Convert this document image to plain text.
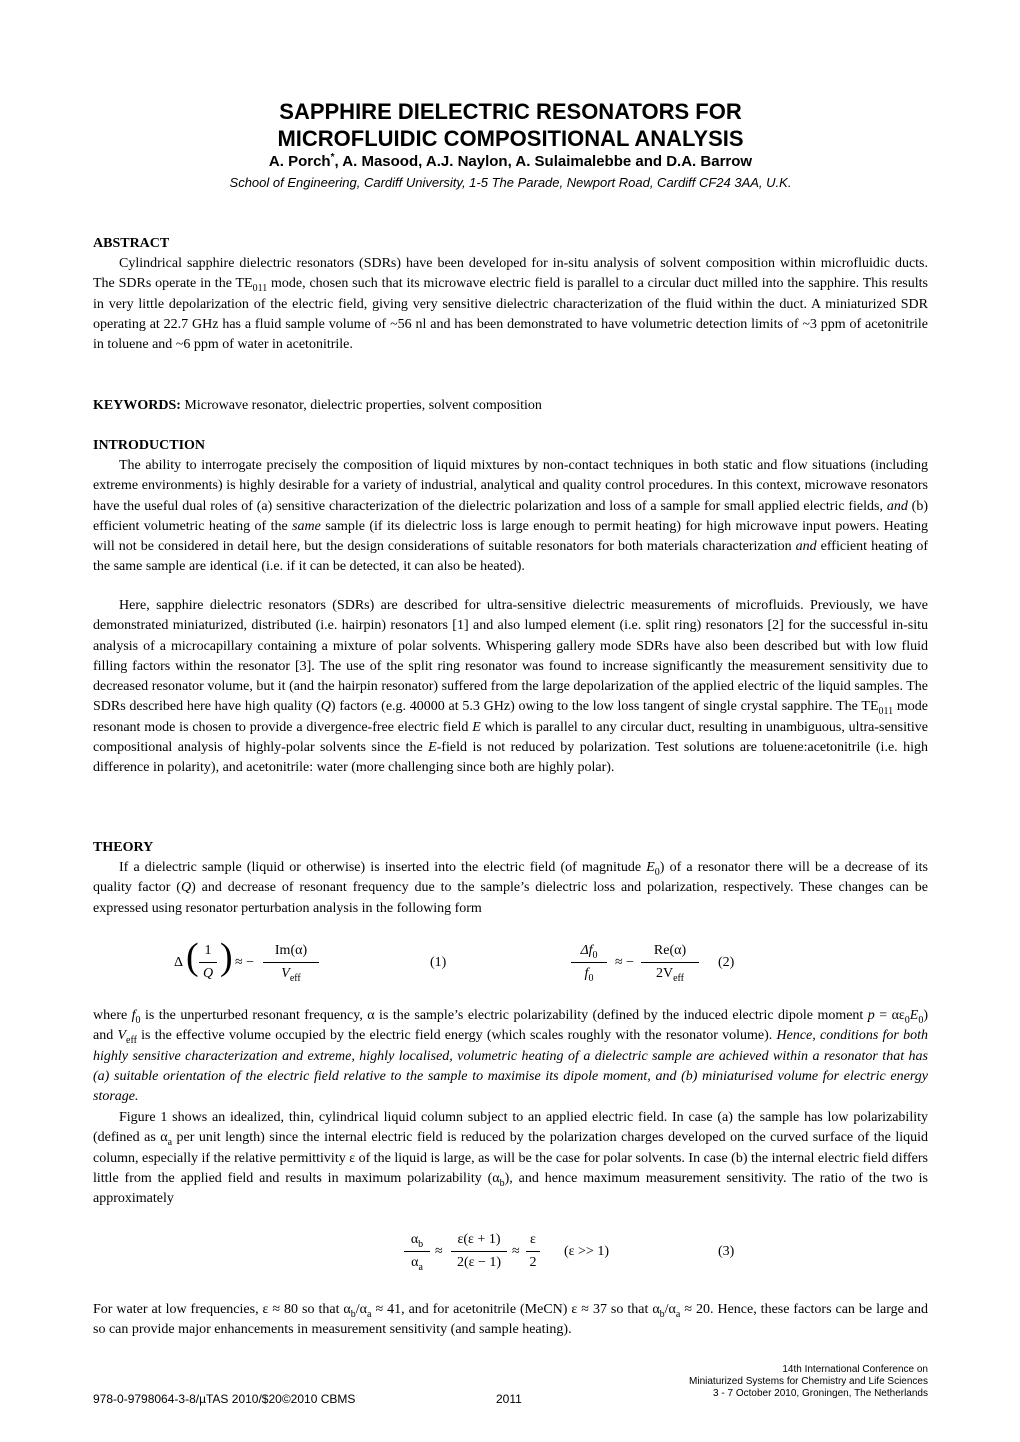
SAPPHIRE DIELECTRIC RESONATORS FOR
MICROFLUIDIC COMPOSITIONAL ANALYSIS
A. Porch*, A. Masood, A.J. Naylon, A. Sulaimalebbe and D.A. Barrow
School of Engineering, Cardiff University, 1-5 The Parade, Newport Road, Cardiff CF24 3AA, U.K.
ABSTRACT
Cylindrical sapphire dielectric resonators (SDRs) have been developed for in-situ analysis of solvent composition within microfluidic ducts. The SDRs operate in the $TE_{011}$ mode, chosen such that its microwave electric field is parallel to a circular duct milled into the sapphire. This results in very little depolarization of the electric field, giving very sensitive dielectric characterization of the fluid within the duct. A miniaturized SDR operating at 22.7 GHz has a fluid sample volume of ~56 nl and has been demonstrated to have volumetric detection limits of ~3 ppm of acetonitrile in toluene and ~6 ppm of water in acetonitrile.
KEYWORDS: Microwave resonator, dielectric properties, solvent composition
INTRODUCTION
The ability to interrogate precisely the composition of liquid mixtures by non-contact techniques in both static and flow situations (including extreme environments) is highly desirable for a variety of industrial, analytical and quality control procedures. In this context, microwave resonators have the useful dual roles of (a) sensitive characterization of the dielectric polarization and loss of a sample for small applied electric fields, and (b) efficient volumetric heating of the same sample (if its dielectric loss is large enough to permit heating) for high microwave input powers. Heating will not be considered in detail here, but the design considerations of suitable resonators for both materials characterization and efficient heating of the same sample are identical (i.e. if it can be detected, it can also be heated).
Here, sapphire dielectric resonators (SDRs) are described for ultra-sensitive dielectric measurements of microfluids. Previously, we have demonstrated miniaturized, distributed (i.e. hairpin) resonators [1] and also lumped element (i.e. split ring) resonators [2] for the successful in-situ analysis of a microcapillary containing a mixture of polar solvents. Whispering gallery mode SDRs have also been described but with low fluid filling factors within the resonator [3]. The use of the split ring resonator was found to increase significantly the measurement sensitivity due to decreased resonator volume, but it (and the hairpin resonator) suffered from the large depolarization of the applied electric of the liquid samples. The SDRs described here have high quality (Q) factors (e.g. 40000 at 5.3 GHz) owing to the low loss tangent of single crystal sapphire. The $TE_{011}$ mode resonant mode is chosen to provide a divergence-free electric field E which is parallel to any circular duct, resulting in unambiguous, ultra-sensitive compositional analysis of highly-polar solvents since the E-field is not reduced by polarization. Test solutions are toluene:acetonitrile (i.e. high difference in polarity), and acetonitrile: water (more challenging since both are highly polar).
THEORY
If a dielectric sample (liquid or otherwise) is inserted into the electric field (of magnitude $E_0$) of a resonator there will be a decrease of its quality factor (Q) and decrease of resonant frequency due to the sample’s dielectric loss and polarization, respectively. These changes can be expressed using resonator perturbation analysis in the following form
Δ ( 1
Q ) ≈ −
Im(α)
$V_{eff}$
(1)
$\Delta f_0$
$f_0$
≈ −
Re(α)
$2V_{eff}$
(2)
where $f_0$ is the unperturbed resonant frequency, α is the sample’s electric polarizability (defined by the induced electric dipole moment $p = \alpha\varepsilon_0E_0$) and $V_{eff}$ is the effective volume occupied by the electric field energy (which scales roughly with the resonator volume). Hence, conditions for both highly sensitive characterization and extreme, highly localised, volumetric heating of a dielectric sample are achieved within a resonator that has (a) suitable orientation of the electric field relative to the sample to maximise its dipole moment, and (b) miniaturised volume for electric energy storage.
Figure 1 shows an idealized, thin, cylindrical liquid column subject to an applied electric field. In case (a) the sample has low polarizability (defined as $\alpha_a$ per unit length) since the internal electric field is reduced by the polarization charges developed on the curved surface of the liquid column, especially if the relative permittivity ε of the liquid is large, as will be the case for polar solvents. In case (b) the internal electric field differs little from the applied field and results in maximum polarizability $(\alpha_b)$, and hence maximum measurement sensitivity. The ratio of the two is approximately
$\alpha_b$
$\alpha_a$
≈
ε(ε + 1)
2(ε − 1)
≈
ε
2
(ε >> 1)	(3)
For water at low frequencies, ε ≈ 80 so that $\alpha_b/\alpha_a \approx 41$, and for acetonitrile (MeCN) ε ≈ 37 so that $\alpha_b/\alpha_a \approx 20$. Hence, these factors can be large and so can provide major enhancements in measurement sensitivity (and sample heating).
978-0-9798064-3-8/µTAS 2010/$20©2010 CBMS	2011
14th International Conference on
Miniaturized Systems for Chemistry and Life Sciences
3 - 7 October 2010, Groningen, The Netherlands
